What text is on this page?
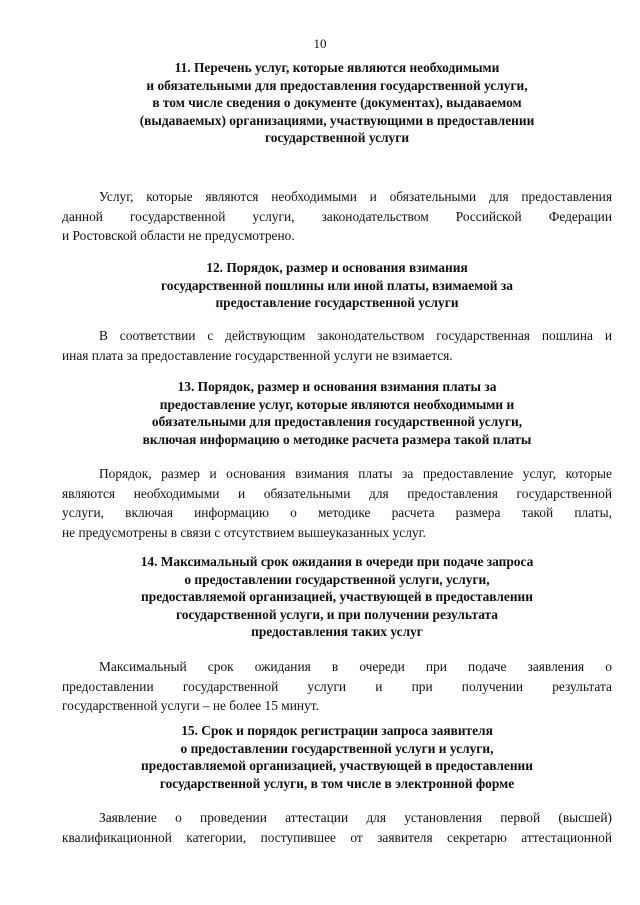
10
11. Перечень услуг, которые являются необходимыми
и обязательными для предоставления государственной услуги,
в том числе сведения о документе (документах), выдаваемом
(выдаваемых) организациями, участвующими в предоставлении
государственной услуги
Услуг, которые являются необходимыми и обязательными для предоставления
данной государственной услуги, законодательством Российской Федерации
и Ростовской области не предусмотрено.
12. Порядок, размер и основания взимания
государственной пошлины или иной платы, взимаемой за
предоставление государственной услуги
В соответствии с действующим законодательством государственная пошлина и
иная плата за предоставление государственной услуги не взимается.
13. Порядок, размер и основания взимания платы за
предоставление услуг, которые являются необходимыми и
обязательными для предоставления государственной услуги,
включая информацию о методике расчета размера такой платы
Порядок, размер и основания взимания платы за предоставление услуг, которые
являются необходимыми и обязательными для предоставления государственной
услуги, включая информацию о методике расчета размера такой платы,
не предусмотрены в связи с отсутствием вышеуказанных услуг.
14. Максимальный срок ожидания в очереди при подаче запроса
о предоставлении государственной услуги, услуги,
предоставляемой организацией, участвующей в предоставлении
государственной услуги, и при получении результата
предоставления таких услуг
Максимальный срок ожидания в очереди при подаче заявления о
предоставлении государственной услуги и при получении результата
государственной услуги – не более 15 минут.
15. Срок и порядок регистрации запроса заявителя
о предоставлении государственной услуги и услуги,
предоставляемой организацией, участвующей в предоставлении
государственной услуги, в том числе в электронной форме
Заявление о проведении аттестации для установления первой (высшей)
квалификационной категории, поступившее от заявителя секретарю аттестационной
